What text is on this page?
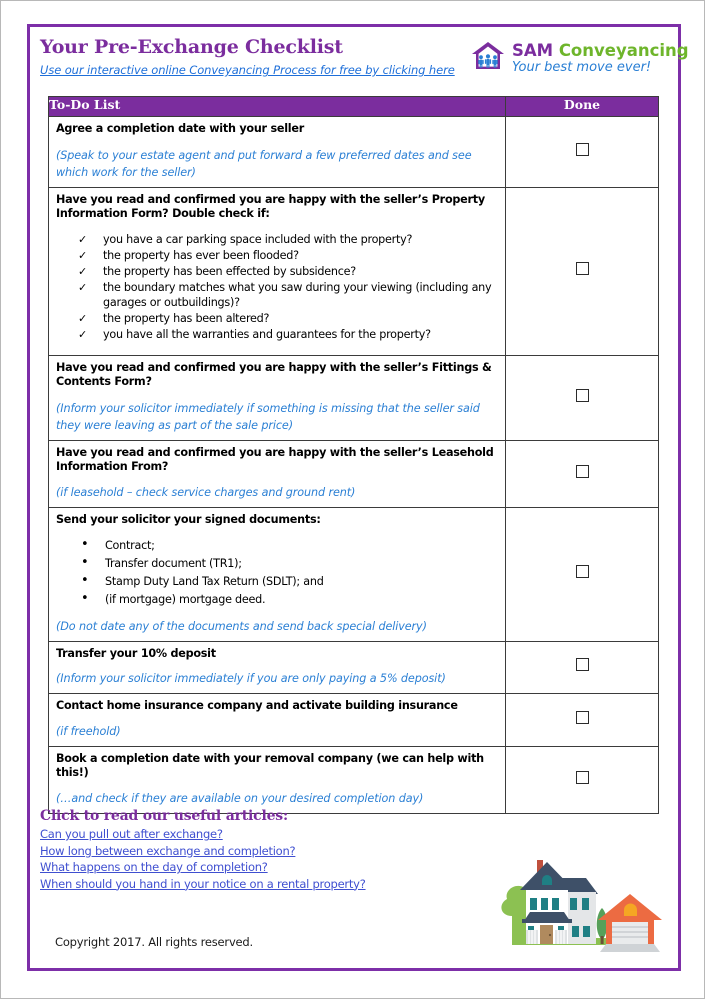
Your Pre-Exchange Checklist
Use our interactive online Conveyancing Process for free by clicking here
SAM Conveyancing
Your best move ever!
To-Do List	Done

Agree a completion date with your seller
(Speak to your estate agent and put forward a few preferred dates and see which work for the seller)	

Have you read and confirmed you are happy with the seller’s Property Information Form? Double check if:
✓ you have a car parking space included with the property?
✓ the property has ever been flooded?
✓ the property has been effected by subsidence?
✓ the boundary matches what you saw during your viewing (including any garages or outbuildings)?
✓ the property has been altered?
✓ you have all the warranties and guarantees for the property?

Have you read and confirmed you are happy with the seller’s Fittings & Contents Form?
(Inform your solicitor immediately if something is missing that the seller said they were leaving as part of the sale price)	

Have you read and confirmed you are happy with the seller’s Leasehold Information From?
(if leasehold – check service charges and ground rent)	

Send your solicitor your signed documents:
• Contract;
• Transfer document (TR1);
• Stamp Duty Land Tax Return (SDLT); and
• (if mortgage) mortgage deed.
(Do not date any of the documents and send back special delivery)

Transfer your 10% deposit
(Inform your solicitor immediately if you are only paying a 5% deposit)	

Contact home insurance company and activate building insurance
(if freehold)	

Book a completion date with your removal company (we can help with this!)
(…and check if they are available on your desired completion day)	

Click to read our useful articles:
Can you pull out after exchange?
How long between exchange and completion?
What happens on the day of completion?
When should you hand in your notice on a rental property?
Copyright 2017. All rights reserved.
